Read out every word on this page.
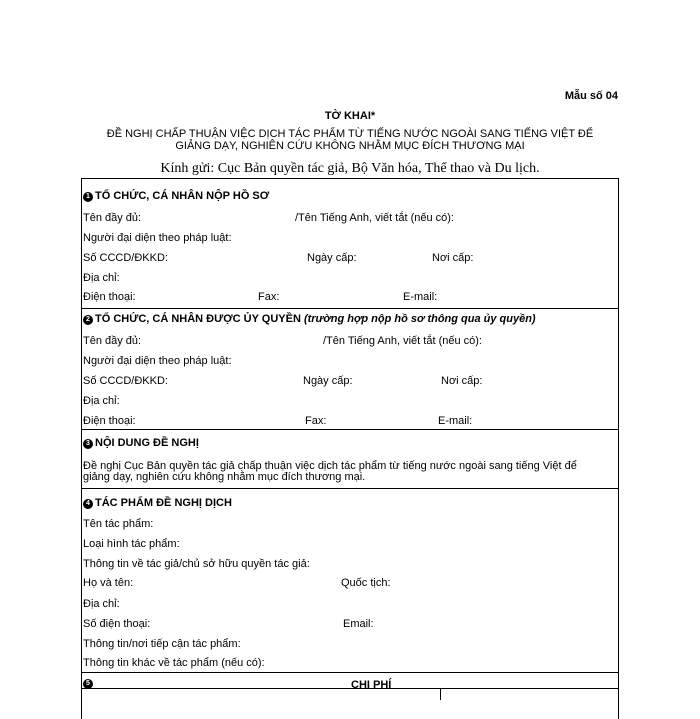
Mẫu số 04
TỜ KHAI*
ĐỀ NGHỊ CHẤP THUẬN VIỆC DỊCH TÁC PHẨM TỪ TIẾNG NƯỚC NGOÀI SANG TIẾNG VIỆT ĐỂ
GIẢNG DẠY, NGHIÊN CỨU KHÔNG NHẰM MỤC ĐÍCH THƯƠNG MẠI
Kính gửi: Cục Bản quyền tác giả, Bộ Văn hóa, Thể thao và Du lịch.
1 TỔ CHỨC, CÁ NHÂN NỘP HỒ SƠ
Tên đầy đủ:	/Tên Tiếng Anh, viết tắt (nếu có):
Người đại diện theo pháp luật:
Số CCCD/ĐKKD:	Ngày cấp:	Nơi cấp:
Địa chỉ:
Điện thoại:	Fax:	E-mail:
2 TỔ CHỨC, CÁ NHÂN ĐƯỢC ỦY QUYỀN (trường hợp nộp hồ sơ thông qua ủy quyền)
Tên đầy đủ:	/Tên Tiếng Anh, viết tắt (nếu có):
Người đại diện theo pháp luật:
Số CCCD/ĐKKD:	Ngày cấp:	Nơi cấp:
Địa chỉ:
Điện thoại:	Fax:	E-mail:
3 NỘI DUNG ĐỀ NGHỊ
Đề nghị Cục Bản quyền tác giả chấp thuận việc dịch tác phẩm từ tiếng nước ngoài sang tiếng Việt để giảng dạy, nghiên cứu không nhằm mục đích thương mại.
4 TÁC PHẨM ĐỀ NGHỊ DỊCH
Tên tác phẩm:
Loại hình tác phẩm:
Thông tin về tác giả/chủ sở hữu quyền tác giả:
Họ và tên:	Quốc tịch:
Địa chỉ:
Số điện thoại:	Email:
Thông tin/nơi tiếp cận tác phẩm:
Thông tin khác về tác phẩm (nếu có):
5	CHI PHÍ
